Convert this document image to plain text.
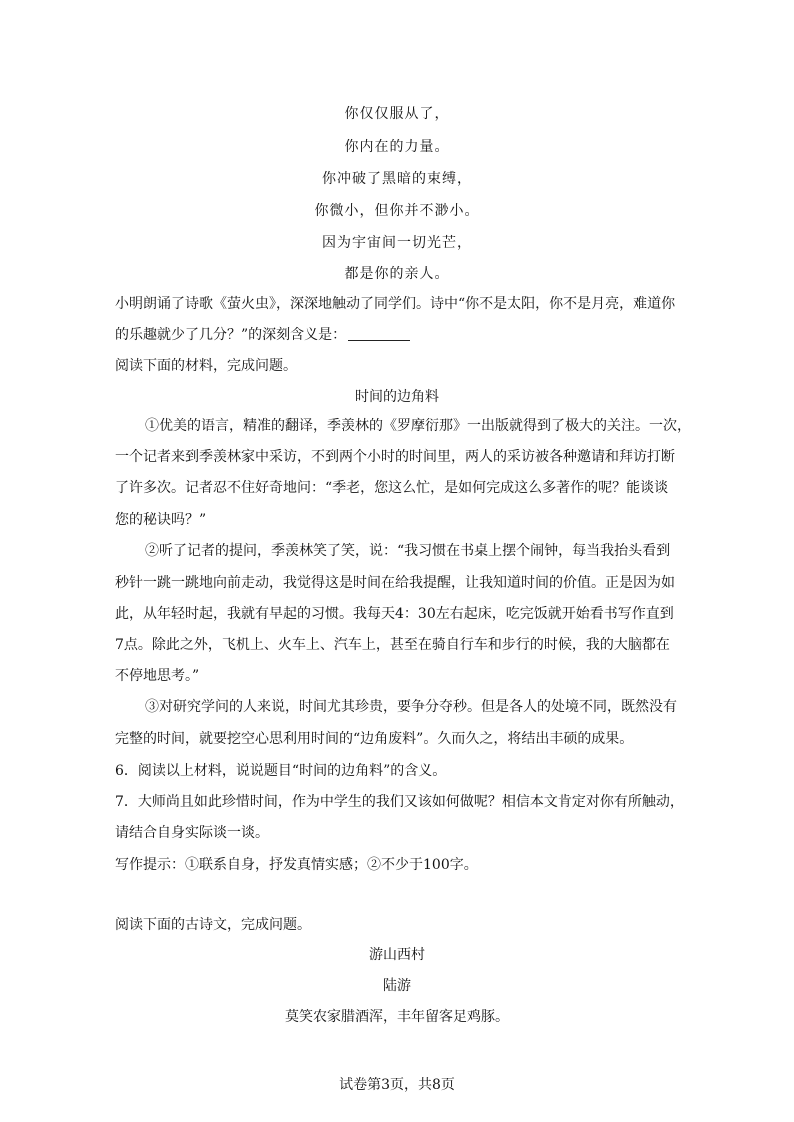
你仅仅服从了，
你内在的力量。
你冲破了黑暗的束缚，
你微小，但你并不渺小。
因为宇宙间一切光芒，
都是你的亲人。
小明朗诵了诗歌《萤火虫》，深深地触动了同学们。诗中“你不是太阳，你不是月亮，难道你
的乐趣就少了几分？”的深刻含义是：
阅读下面的材料，完成问题。
时间的边角料
①优美的语言，精准的翻译，季羡林的《罗摩衍那》一出版就得到了极大的关注。一次，
一个记者来到季羡林家中采访，不到两个小时的时间里，两人的采访被各种邀请和拜访打断
了许多次。记者忍不住好奇地问：“季老，您这么忙，是如何完成这么多著作的呢？能谈谈
您的秘诀吗？”
②听了记者的提问，季羡林笑了笑，说：“我习惯在书桌上摆个闹钟，每当我抬头看到
秒针一跳一跳地向前走动，我觉得这是时间在给我提醒，让我知道时间的价值。正是因为如
此，从年轻时起，我就有早起的习惯。我每天4：30左右起床，吃完饭就开始看书写作直到
7点。除此之外，飞机上、火车上、汽车上，甚至在骑自行车和步行的时候，我的大脑都在
不停地思考。”
③对研究学问的人来说，时间尤其珍贵，要争分夺秒。但是各人的处境不同，既然没有
完整的时间，就要挖空心思利用时间的“边角废料”。久而久之，将结出丰硕的成果。
6．阅读以上材料，说说题目“时间的边角料”的含义。
7．大师尚且如此珍惜时间，作为中学生的我们又该如何做呢？相信本文肯定对你有所触动，
请结合自身实际谈一谈。
写作提示：①联系自身，抒发真情实感；②不少于100字。
阅读下面的古诗文，完成问题。
游山西村
陆游
莫笑农家腊酒浑，丰年留客足鸡豚。
试卷第3页，共8页
